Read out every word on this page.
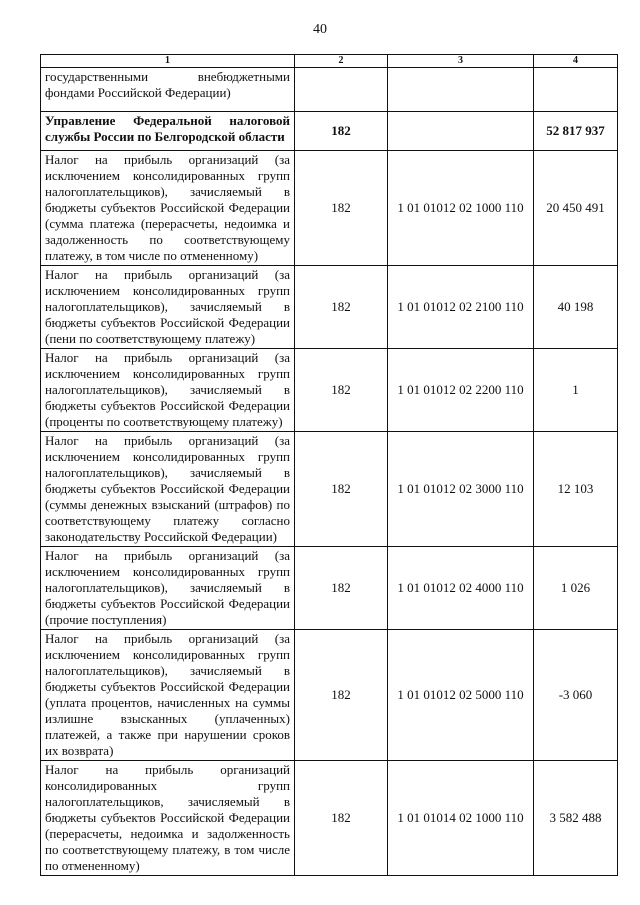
40
1	2	3	4
государственными внебюджетными фондами Российской Федерации)			
Управление Федеральной налоговой службы России по Белгородской области	182		52 817 937
Налог на прибыль организаций (за исключением консолидированных групп налогоплательщиков), зачисляемый в бюджеты субъектов Российской Федерации (сумма платежа (перерасчеты, недоимка и задолженность по соответствующему платежу, в том числе по отмененному)	182	1 01 01012 02 1000 110	20 450 491
Налог на прибыль организаций (за исключением консолидированных групп налогоплательщиков), зачисляемый в бюджеты субъектов Российской Федерации (пени по соответствующему платежу)	182	1 01 01012 02 2100 110	40 198
Налог на прибыль организаций (за исключением консолидированных групп налогоплательщиков), зачисляемый в бюджеты субъектов Российской Федерации (проценты по соответствующему платежу)	182	1 01 01012 02 2200 110	1
Налог на прибыль организаций (за исключением консолидированных групп налогоплательщиков), зачисляемый в бюджеты субъектов Российской Федерации (суммы денежных взысканий (штрафов) по соответствующему платежу согласно законодательству Российской Федерации)	182	1 01 01012 02 3000 110	12 103
Налог на прибыль организаций (за исключением консолидированных групп налогоплательщиков), зачисляемый в бюджеты субъектов Российской Федерации (прочие поступления)	182	1 01 01012 02 4000 110	1 026
Налог на прибыль организаций (за исключением консолидированных групп налогоплательщиков), зачисляемый в бюджеты субъектов Российской Федерации (уплата процентов, начисленных на суммы излишне взысканных (уплаченных) платежей, а также при нарушении сроков их возврата)	182	1 01 01012 02 5000 110	-3 060
Налог на прибыль организаций консолидированных групп налогоплательщиков, зачисляемый в бюджеты субъектов Российской Федерации (перерасчеты, недоимка и задолженность по соответствующему платежу, в том числе по отмененному)	182	1 01 01014 02 1000 110	3 582 488
